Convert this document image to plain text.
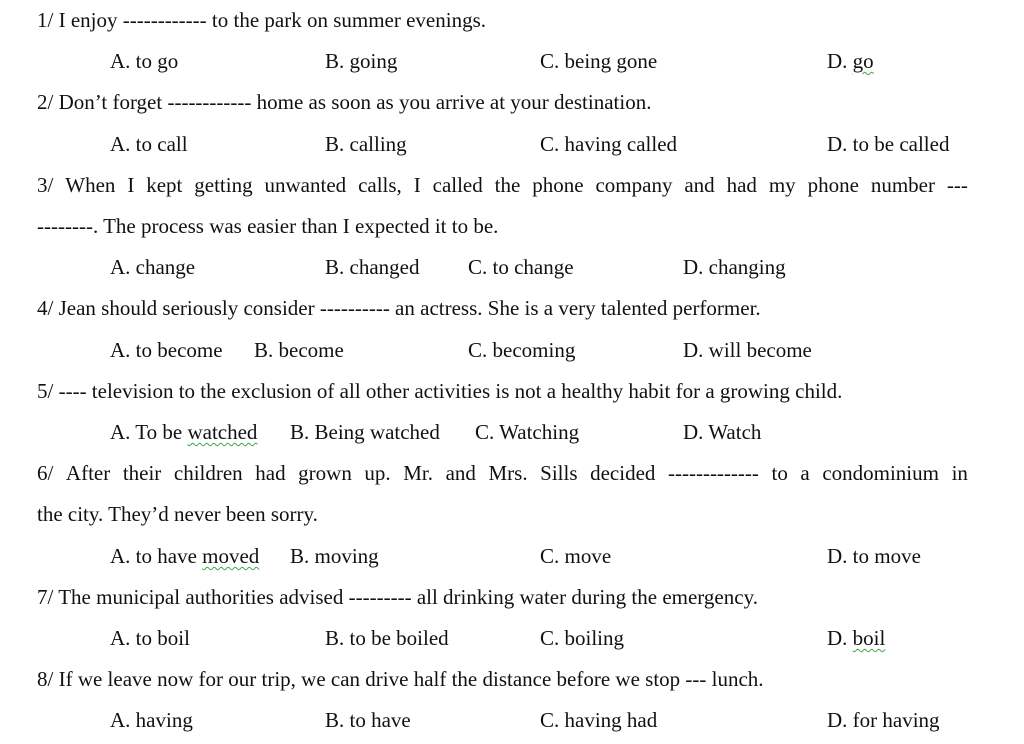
1/ I enjoy ------------ to the park on summer evenings.
A. to go	B. going	C. being gone	D. go
2/ Don’t forget ------------ home as soon as you arrive at your destination.
A. to call	B. calling	C. having called	D. to be called
3/ When I kept getting unwanted calls, I called the phone company and had my phone number ---
--------. The process was easier than I expected it to be.
A. change	B. changed C. to change	D. changing
4/ Jean should seriously consider ---------- an actress. She is a very talented performer.
A. to become B. become	C. becoming	D. will become
5/ ---- television to the exclusion of all other activities is not a healthy habit for a growing child.
A. To be watched B. Being watched C. Watching	D. Watch
6/ After their children had grown up. Mr. and Mrs. Sills decided ------------- to a condominium in
the city. They’d never been sorry.
A. to have moved B. moving	C. move	D. to move
7/ The municipal authorities advised --------- all drinking water during the emergency.
A. to boil	B. to be boiled	C. boiling	D. boil
8/ If we leave now for our trip, we can drive half the distance before we stop --- lunch.
A. having	B. to have	C. having had	D. for having
